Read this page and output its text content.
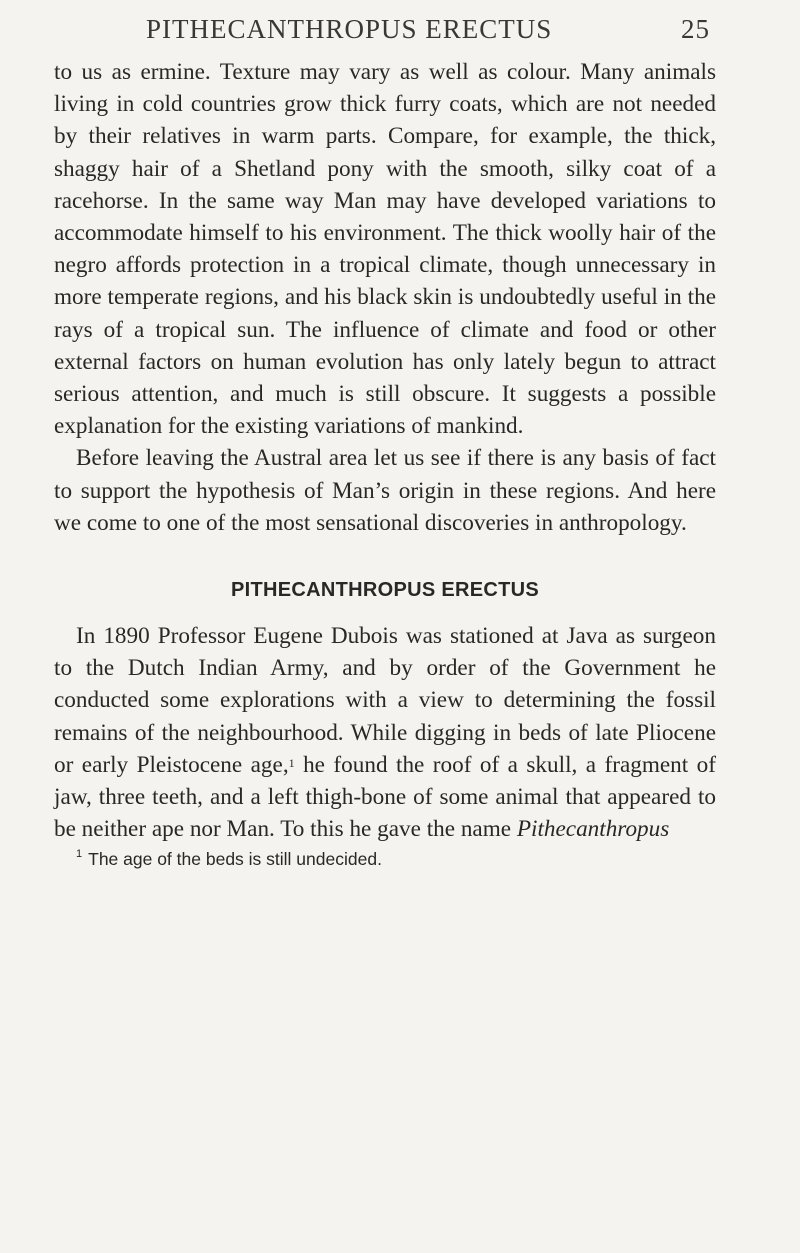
PITHECANTHROPUS ERECTUS	25

to us as ermine. Texture may vary as well as colour. Many animals living in cold countries grow thick furry coats, which are not needed by their relatives in warm parts. Compare, for example, the thick, shaggy hair of a Shetland pony with the smooth, silky coat of a racehorse. In the same way Man may have developed variations to accommodate himself to his environment. The thick woolly hair of the negro affords protection in a tropical climate, though unnecessary in more temperate regions, and his black skin is undoubtedly useful in the rays of a tropical sun. The influence of climate and food or other external factors on human evolution has only lately begun to attract serious attention, and much is still obscure. It suggests a possible explanation for the existing variations of mankind.

Before leaving the Austral area let us see if there is any basis of fact to support the hypothesis of Man’s origin in these regions. And here we come to one of the most sensational discoveries in anthropology.

PITHECANTHROPUS ERECTUS

In 1890 Professor Eugene Dubois was stationed at Java as surgeon to the Dutch Indian Army, and by order of the Government he conducted some explorations with a view to determining the fossil remains of the neighbourhood. While digging in beds of late Pliocene or early Pleistocene age,$^1$ he found the roof of a skull, a fragment of jaw, three teeth, and a left thigh-bone of some animal that appeared to be neither ape nor Man. To this he gave the name Pithecanthropus

$^1$ The age of the beds is still undecided.
